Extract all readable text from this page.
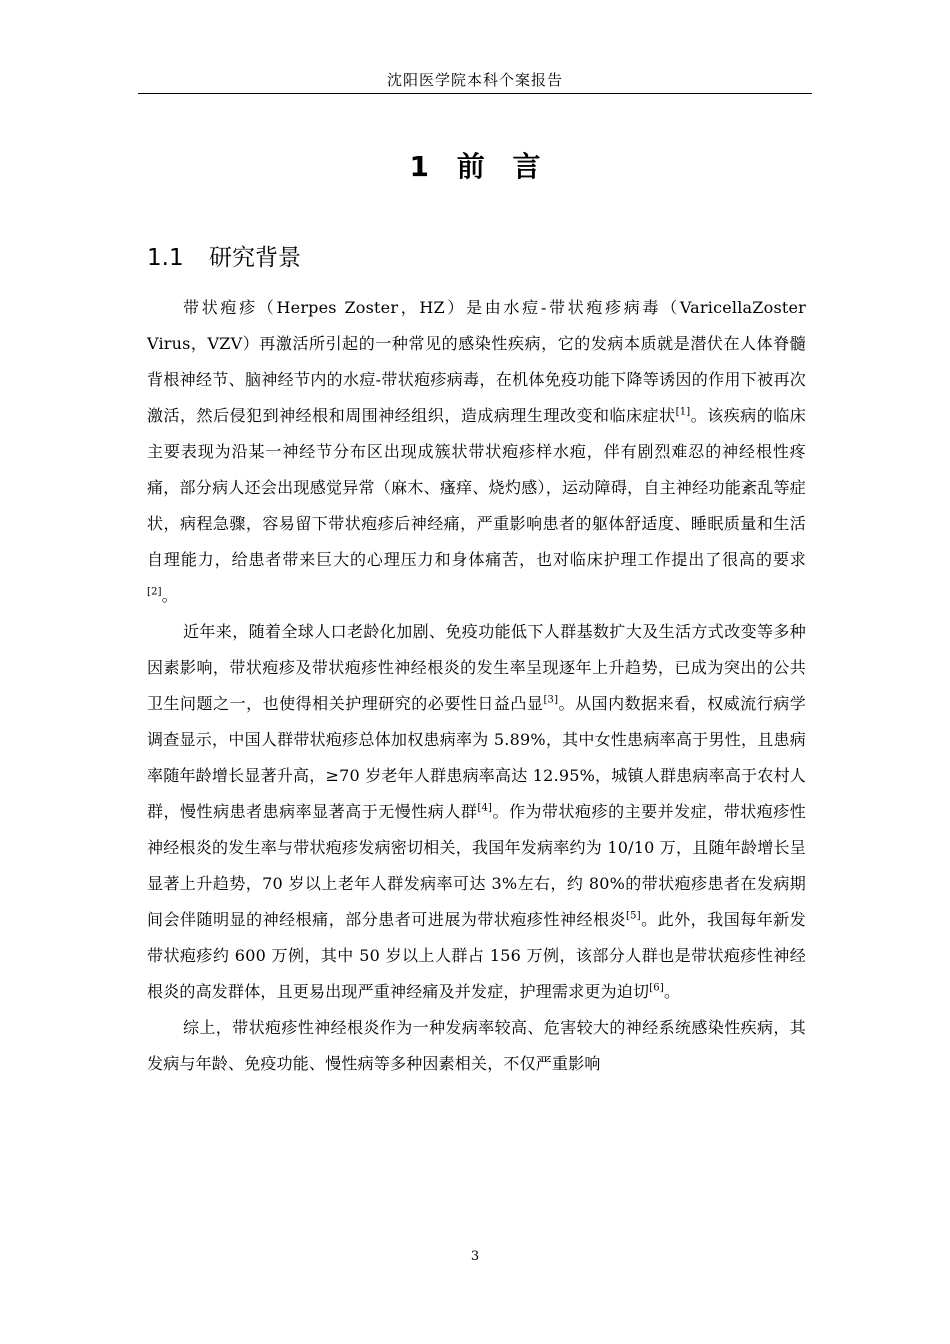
沈阳医学院本科个案报告
1 前 言
1.1 研究背景

带状疱疹（Herpes Zoster，HZ）是由水痘-带状疱疹病毒（VaricellaZoster Virus，VZV）再激活所引起的一种常见的感染性疾病，它的发病本质就是潜伏在人体脊髓背根神经节、脑神经节内的水痘-带状疱疹病毒，在机体免疫功能下降等诱因的作用下被再次激活，然后侵犯到神经根和周围神经组织，造成病理生理改变和临床症状[1]。该疾病的临床主要表现为沿某一神经节分布区出现成簇状带状疱疹样水疱，伴有剧烈难忍的神经根性疼痛，部分病人还会出现感觉异常（麻木、瘙痒、烧灼感），运动障碍，自主神经功能紊乱等症状，病程急骤，容易留下带状疱疹后神经痛，严重影响患者的躯体舒适度、睡眠质量和生活自理能力，给患者带来巨大的心理压力和身体痛苦，也对临床护理工作提出了很高的要求[2]。

近年来，随着全球人口老龄化加剧、免疫功能低下人群基数扩大及生活方式改变等多种因素影响，带状疱疹及带状疱疹性神经根炎的发生率呈现逐年上升趋势，已成为突出的公共卫生问题之一，也使得相关护理研究的必要性日益凸显[3]。从国内数据来看，权威流行病学调查显示，中国人群带状疱疹总体加权患病率为 5.89%，其中女性患病率高于男性，且患病率随年龄增长显著升高，≥70 岁老年人群患病率高达 12.95%，城镇人群患病率高于农村人群，慢性病患者患病率显著高于无慢性病人群[4]。作为带状疱疹的主要并发症，带状疱疹性神经根炎的发生率与带状疱疹发病密切相关，我国年发病率约为 10/10 万，且随年龄增长呈显著上升趋势，70 岁以上老年人群发病率可达 3%左右，约 80%的带状疱疹患者在发病期间会伴随明显的神经根痛，部分患者可进展为带状疱疹性神经根炎[5]。此外，我国每年新发带状疱疹约 600 万例，其中 50 岁以上人群占 156 万例，该部分人群也是带状疱疹性神经根炎的高发群体，且更易出现严重神经痛及并发症，护理需求更为迫切[6]。

综上，带状疱疹性神经根炎作为一种发病率较高、危害较大的神经系统感染性疾病，其发病与年龄、免疫功能、慢性病等多种因素相关，不仅严重影响

3
